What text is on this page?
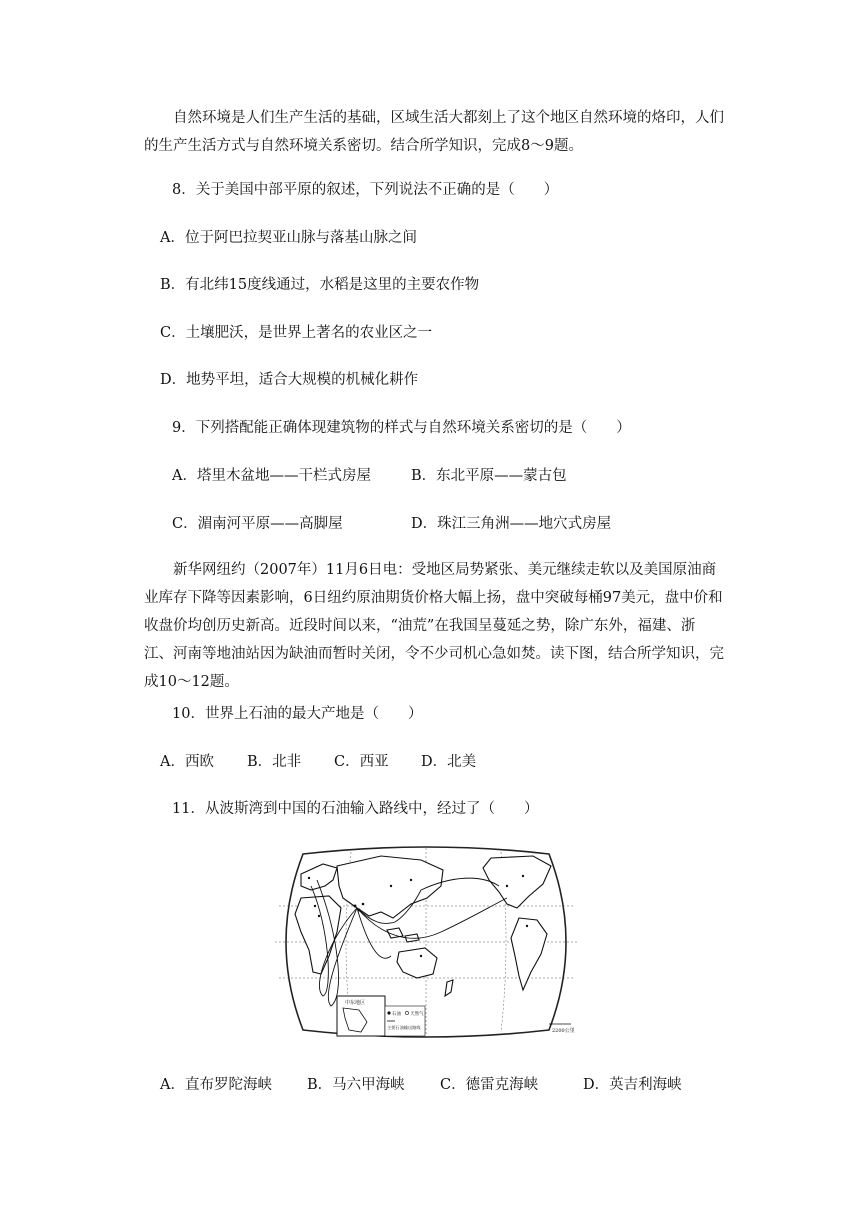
自然环境是人们生产生活的基础，区域生活大都刻上了这个地区自然环境的烙印，人们的生产生活方式与自然环境关系密切。结合所学知识，完成8～9题。

8．关于美国中部平原的叙述，下列说法不正确的是（　　）
A．位于阿巴拉契亚山脉与落基山脉之间
B．有北纬15度线通过，水稻是这里的主要农作物
C．土壤肥沃，是世界上著名的农业区之一
D．地势平坦，适合大规模的机械化耕作
9．下列搭配能正确体现建筑物的样式与自然环境关系密切的是（　　）
A．塔里木盆地——干栏式房屋	B．东北平原——蒙古包
C．湄南河平原——高脚屋	D．珠江三角洲——地穴式房屋

新华网纽约（2007年）11月6日电：受地区局势紧张、美元继续走软以及美国原油商业库存下降等因素影响，6日纽约原油期货价格大幅上扬，盘中突破每桶97美元，盘中价和收盘价均创历史新高。近段时间以来，“油荒”在我国呈蔓延之势，除广东外，福建、浙江、河南等地油站因为缺油而暂时关闭，令不少司机心急如焚。读下图，结合所学知识，完成10～12题。

10．世界上石油的最大产地是（　　）
A．西欧 B．北非 C．西亚 D．北美
11．从波斯湾到中国的石油输入路线中，经过了（　　）
中东地区
石油 天然气
主要石油输出路线
2200公里
A．直布罗陀海峡 B．马六甲海峡 C．德雷克海峡	D．英吉利海峡
